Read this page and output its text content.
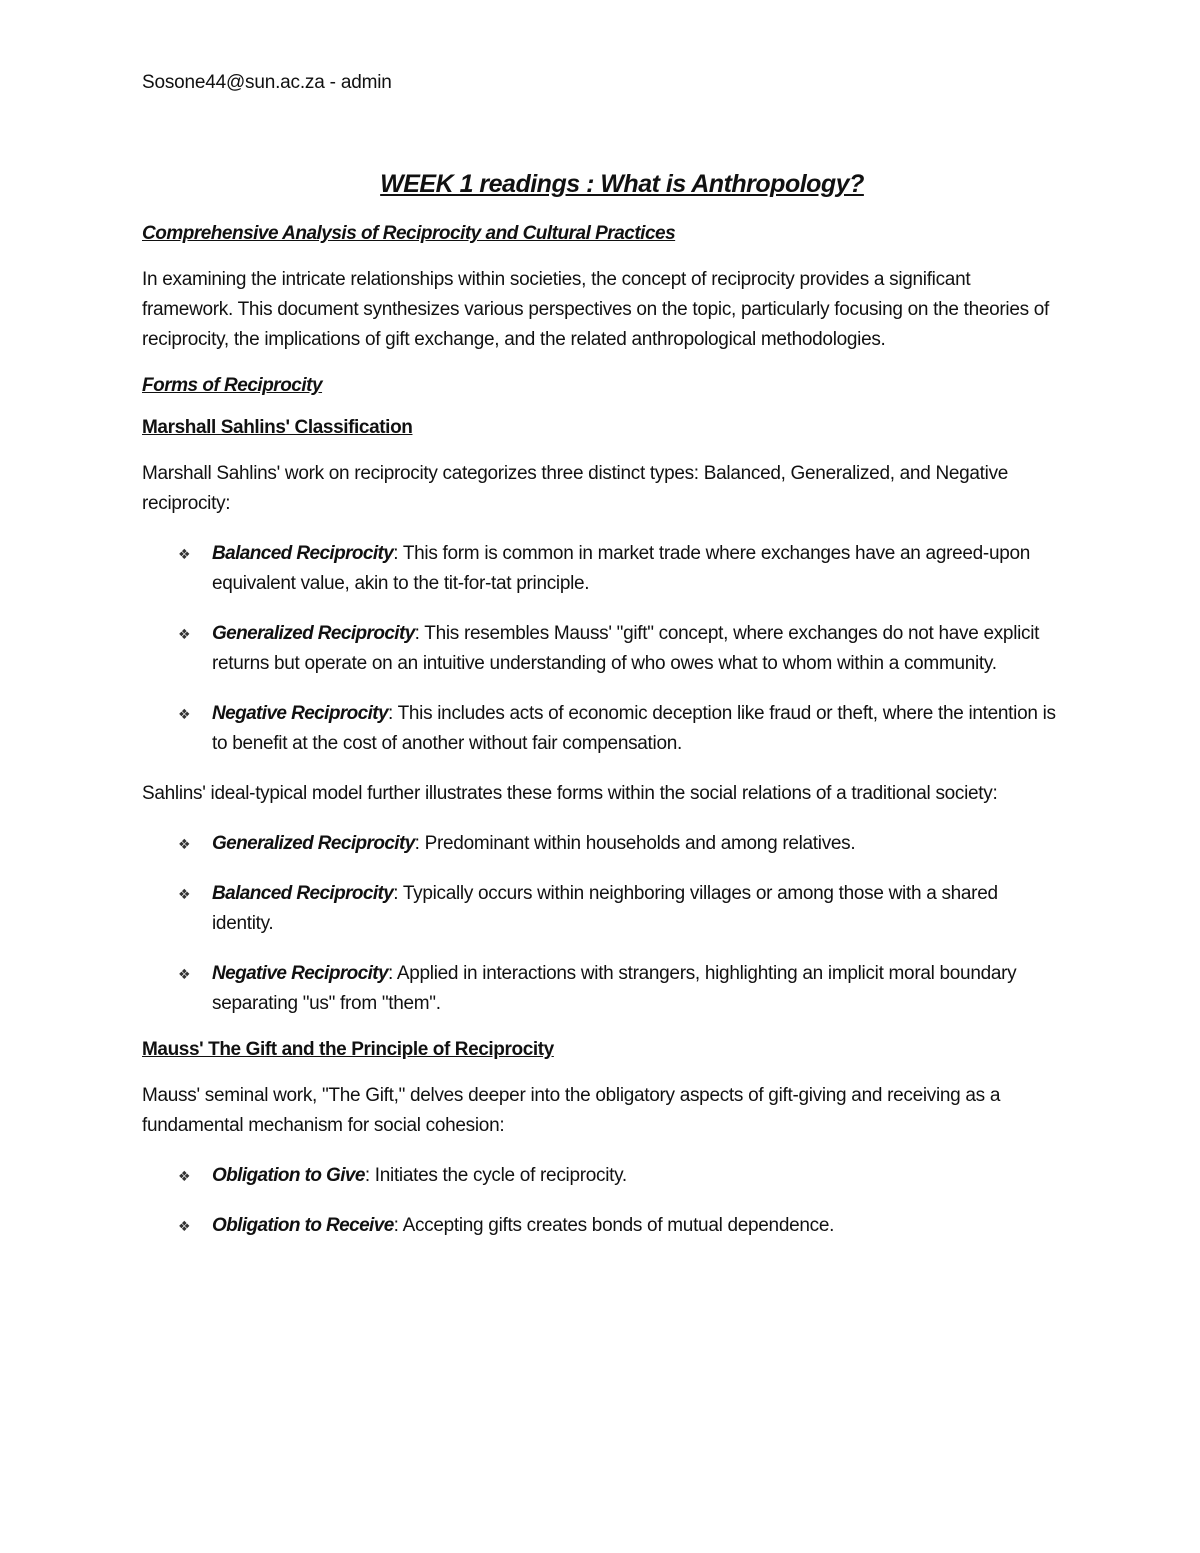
Sosone44@sun.ac.za - admin
WEEK 1 readings : What is Anthropology?
Comprehensive Analysis of Reciprocity and Cultural Practices

In examining the intricate relationships within societies, the concept of reciprocity provides a significant framework. This document synthesizes various perspectives on the topic, particularly focusing on the theories of reciprocity, the implications of gift exchange, and the related anthropological methodologies.

Forms of Reciprocity
Marshall Sahlins' Classification

Marshall Sahlins' work on reciprocity categorizes three distinct types: Balanced, Generalized, and Negative reciprocity:

❖ Balanced Reciprocity: This form is common in market trade where exchanges have an agreed-upon equivalent value, akin to the tit-for-tat principle.
❖ Generalized Reciprocity: This resembles Mauss' "gift" concept, where exchanges do not have explicit returns but operate on an intuitive understanding of who owes what to whom within a community.
❖ Negative Reciprocity: This includes acts of economic deception like fraud or theft, where the intention is to benefit at the cost of another without fair compensation.

Sahlins' ideal-typical model further illustrates these forms within the social relations of a traditional society:

❖ Generalized Reciprocity: Predominant within households and among relatives.
❖ Balanced Reciprocity: Typically occurs within neighboring villages or among those with a shared identity.
❖ Negative Reciprocity: Applied in interactions with strangers, highlighting an implicit moral boundary separating "us" from "them".
Mauss' The Gift and the Principle of Reciprocity

Mauss' seminal work, "The Gift," delves deeper into the obligatory aspects of gift-giving and receiving as a fundamental mechanism for social cohesion:

❖ Obligation to Give: Initiates the cycle of reciprocity.
❖ Obligation to Receive: Accepting gifts creates bonds of mutual dependence.
